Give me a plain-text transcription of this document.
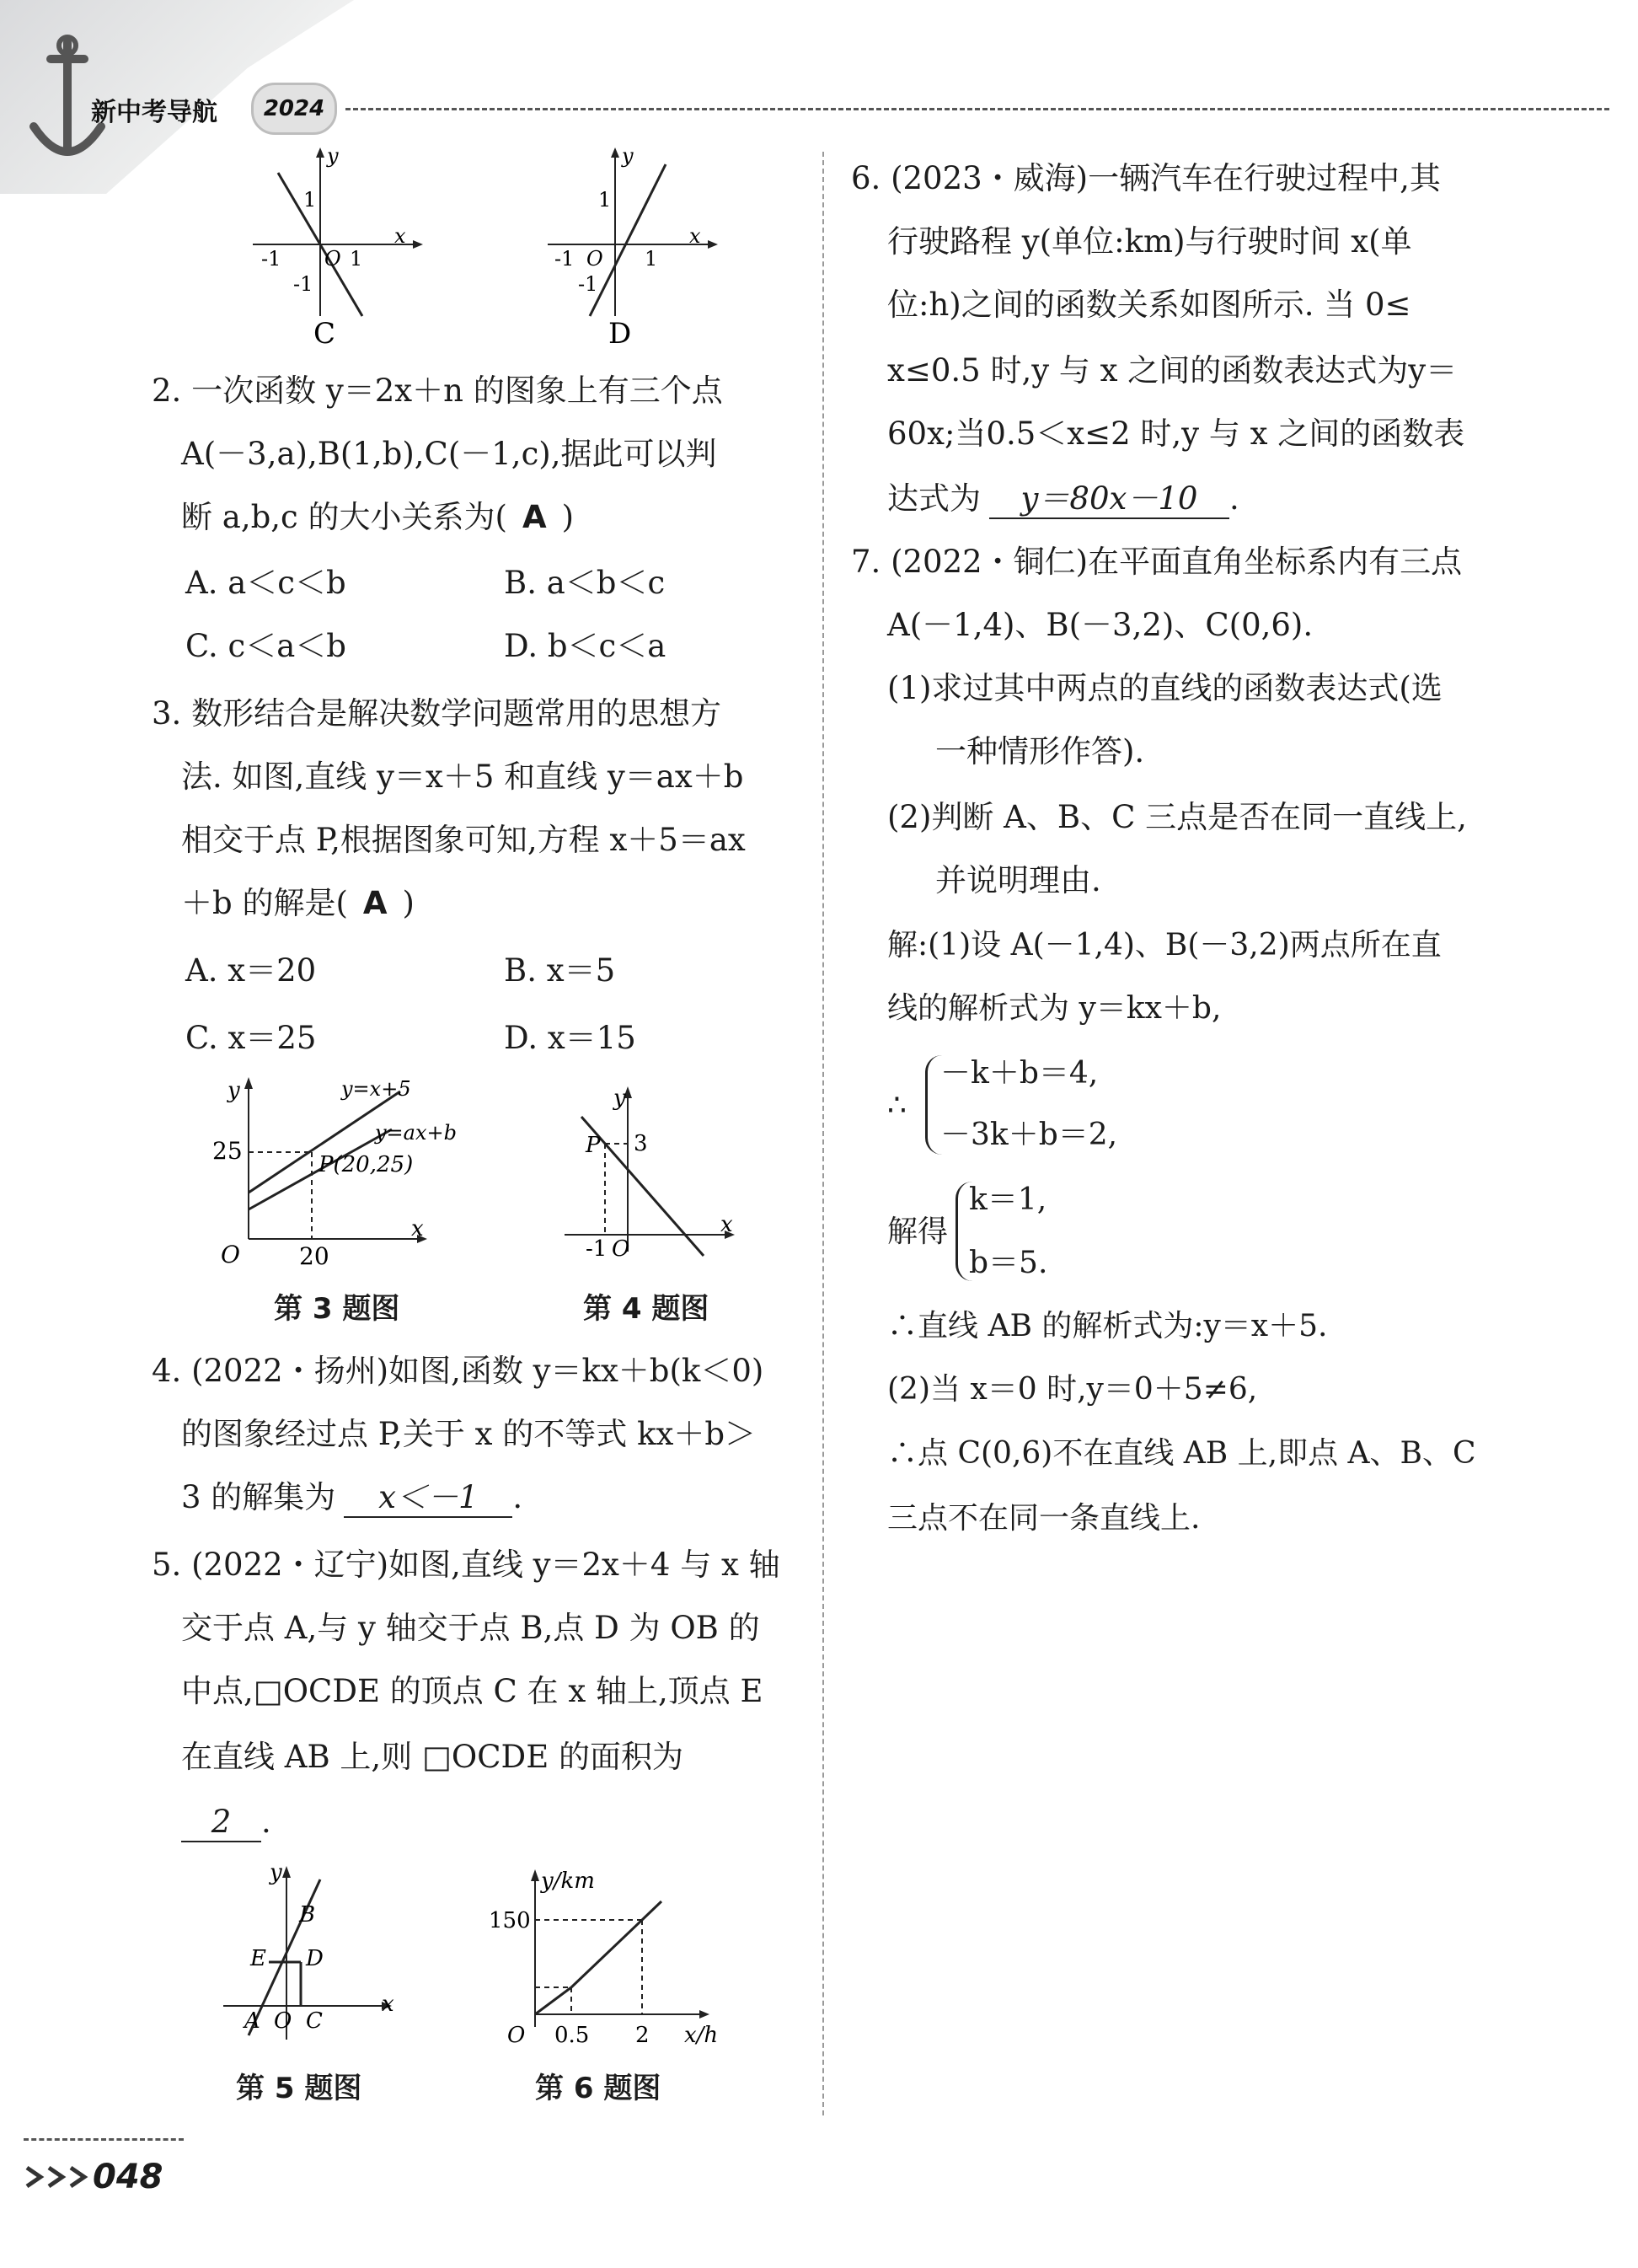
新中考导航	2024
y
x
1
-1 O 1
-1
C
y
x
1
-1 O 1
-1
D
2. 一次函数 y＝2x＋n 的图象上有三个点
A(－3,a),B(1,b),C(－1,c),据此可以判
断 a,b,c 的大小关系为( A )
A. a＜c＜b	B. a＜b＜c
C. c＜a＜b	D. b＜c＜a
3. 数形结合是解决数学问题常用的思想方
法. 如图,直线 y＝x＋5 和直线 y＝ax＋b
相交于点 P,根据图象可知,方程 x＋5＝ax
＋b 的解是( A )
A. x＝20	B. x＝5
C. x＝25	D. x＝15
y
x
25
20
O
y=x+5
y=ax+b
P(20,25)
第 3 题图
y
x
P 3
-1 O
第 4 题图
4. (2022・扬州)如图,函数 y＝kx＋b(k＜0)
的图象经过点 P,关于 x 的不等式 kx＋b＞
3 的解集为 x＜－1 .
5. (2022・辽宁)如图,直线 y＝2x＋4 与 x 轴
交于点 A,与 y 轴交于点 B,点 D 为 OB 的
中点,□OCDE 的顶点 C 在 x 轴上,顶点 E
在直线 AB 上,则 □OCDE 的面积为
2 .
y
x
B
E D
A O C
第 5 题图
y/km
x/h
150
0.5 2
O
第 6 题图
6. (2023・威海)一辆汽车在行驶过程中,其
行驶路程 y(单位:km)与行驶时间 x(单
位:h)之间的函数关系如图所示. 当 0≤
x≤0.5 时,y 与 x 之间的函数表达式为y＝
60x;当0.5＜x≤2 时,y 与 x 之间的函数表
达式为 y＝80x－10 .
7. (2022・铜仁)在平面直角坐标系内有三点
A(－1,4)、B(－3,2)、C(0,6).
(1)求过其中两点的直线的函数表达式(选
一种情形作答).
(2)判断 A、B、C 三点是否在同一直线上,
并说明理由.
解:(1)设 A(－1,4)、B(－3,2)两点所在直
线的解析式为 y＝kx＋b,
∴
－k＋b＝4,
－3k＋b＝2,
解得
k＝1,
b＝5.
∴直线 AB 的解析式为:y＝x＋5.
(2)当 x＝0 时,y＝0＋5≠6,
∴点 C(0,6)不在直线 AB 上,即点 A、B、C
三点不在同一条直线上.
048
